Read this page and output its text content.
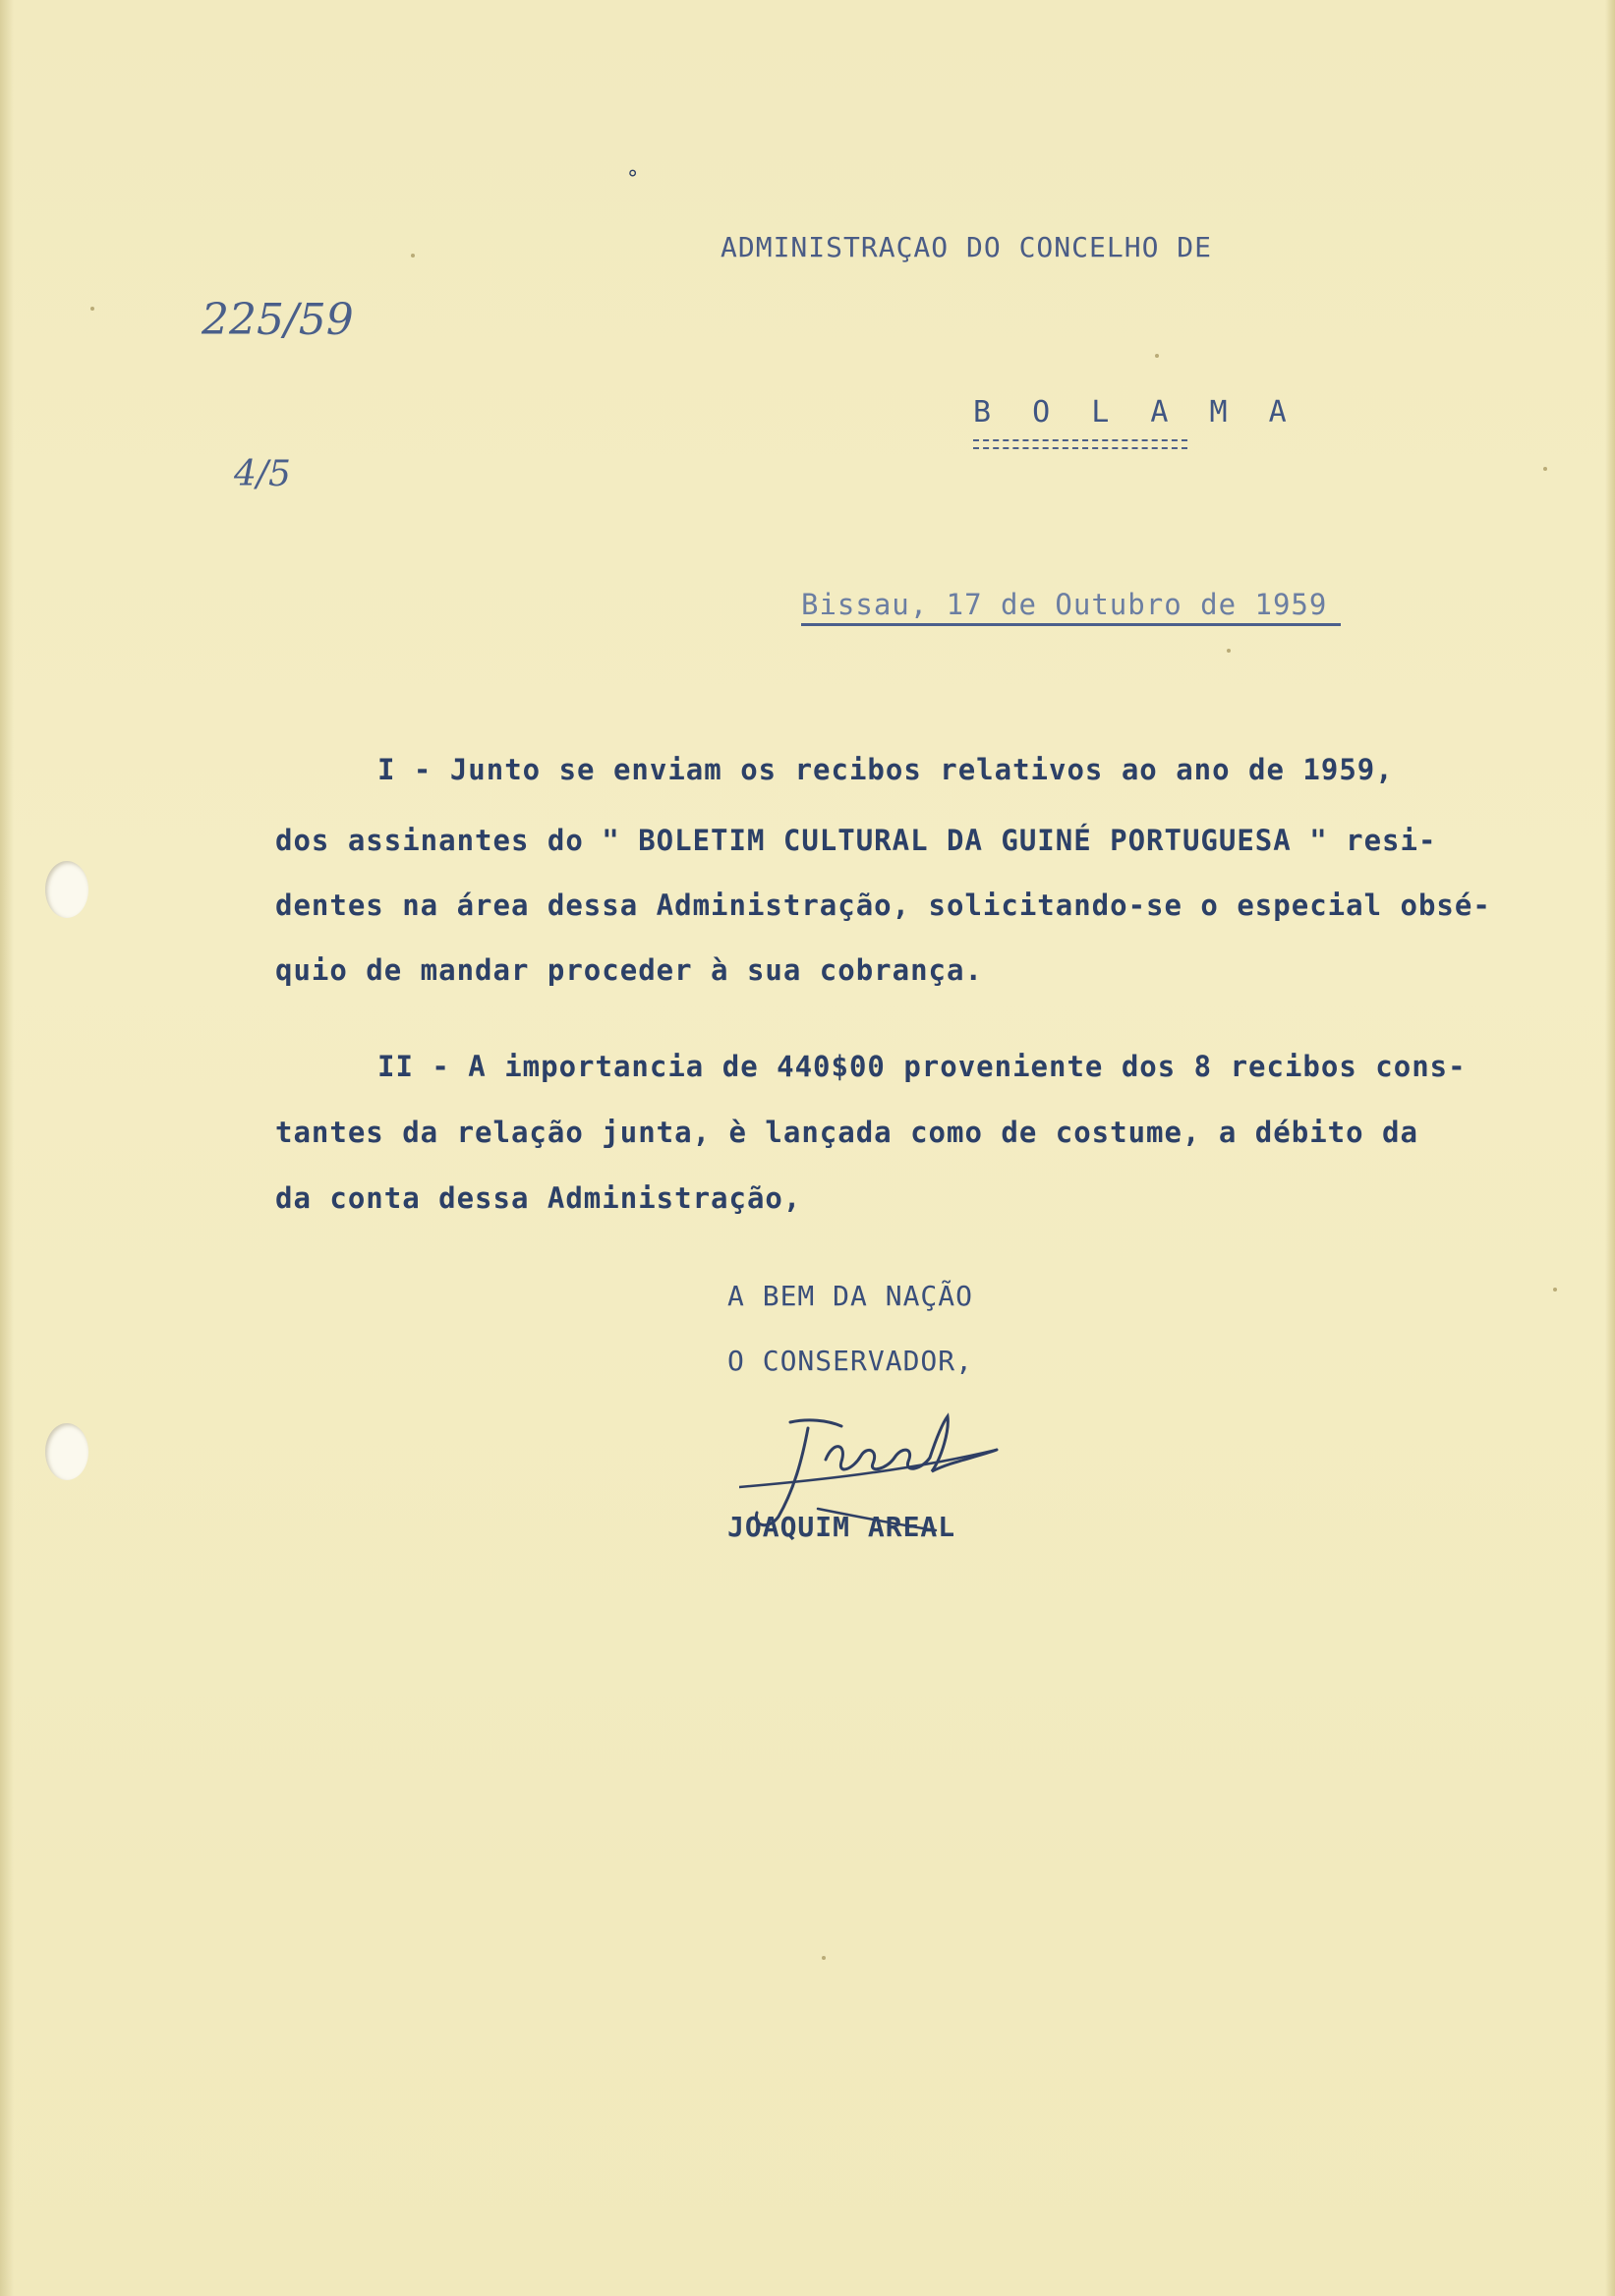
°
225/59
4/5
ADMINISTRAÇAO DO CONCELHO DE
B O L A M A
Bissau, 17 de Outubro de 1959
I - Junto se enviam os recibos relativos ao ano de 1959,
dos assinantes do " BOLETIM CULTURAL DA GUINÉ PORTUGUESA " resi-
dentes na área dessa Administração, solicitando-se o especial obsé-
quio de mandar proceder à sua cobrança.
II - A importancia de 440$00 proveniente dos 8 recibos cons-
tantes da relação junta, è lançada como de costume, a débito da
da conta dessa Administração,
A BEM DA NAÇÃO
O CONSERVADOR,
JOAQUIM AREAL
